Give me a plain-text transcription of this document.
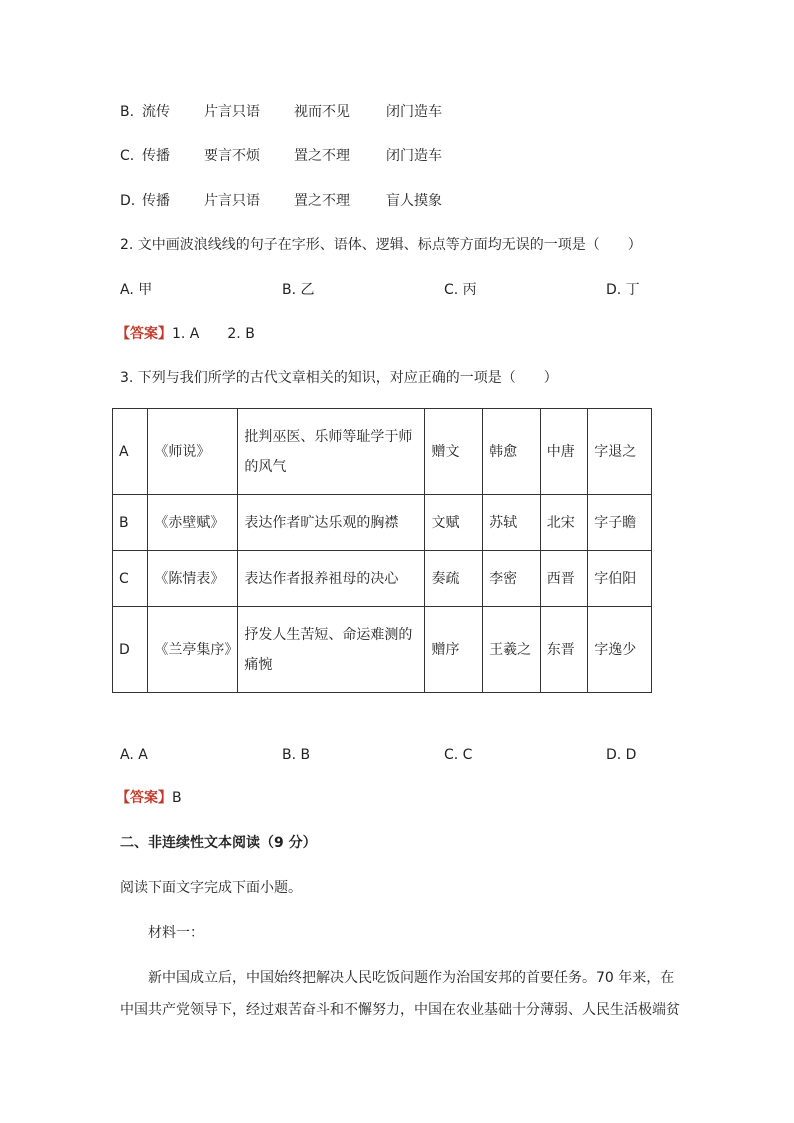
B. 流传 片言只语 视而不见	闭门造车
C. 传播 要言不烦 置之不理	闭门造车
D. 传播 片言只语 置之不理	盲人摸象
2. 文中画波浪线线的句子在字形、语体、逻辑、标点等方面均无误的一项是（　　）
A. 甲	B. 乙	C. 丙	D. 丁
【答案】1. A　　2. B
3. 下列与我们所学的古代文章相关的知识，对应正确的一项是（　　）
A	《师说》	批判巫医、乐师等耻学于师的风气	赠文	韩愈	中唐	字退之
B	《赤壁赋》	表达作者旷达乐观的胸襟	文赋	苏轼	北宋	字子瞻
C	《陈情表》	表达作者报养祖母的决心	奏疏	李密	西晋	字伯阳
D	《兰亭集序》	抒发人生苦短、命运难测的痛惋	赠序	王羲之	东晋	字逸少
A. A	B. B	C. C	D. D
【答案】B
二、非连续性文本阅读（9 分）
阅读下面文字完成下面小题。
材料一：
新中国成立后，中国始终把解决人民吃饭问题作为治国安邦的首要任务。70 年来，在中国共产党领导下，经过艰苦奋斗和不懈努力，中国在农业基础十分薄弱、人民生活极端贫
